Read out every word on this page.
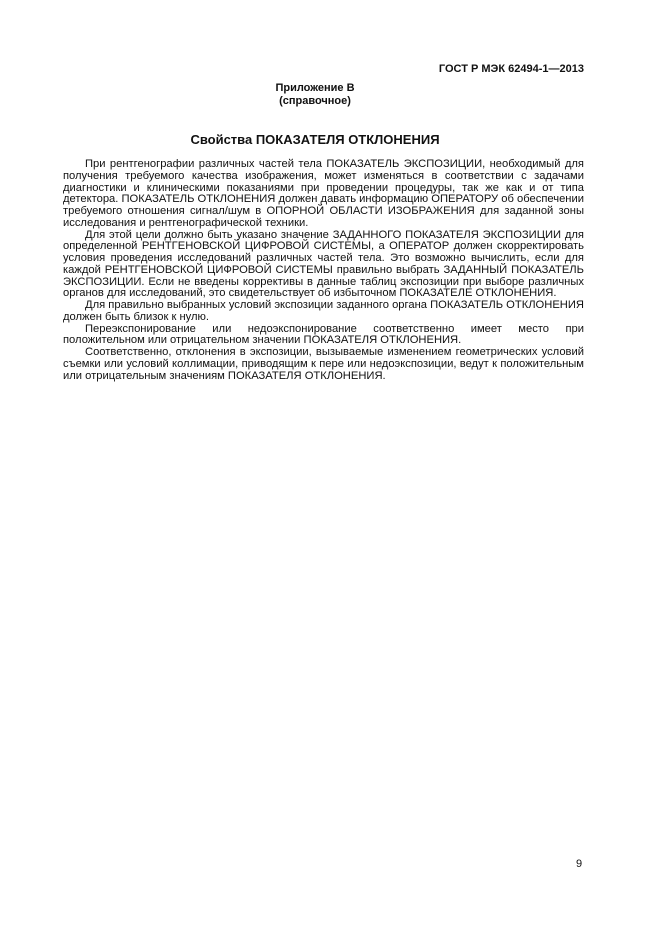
ГОСТ Р МЭК 62494-1—2013
Приложение В
(справочное)
Свойства ПОКАЗАТЕЛЯ ОТКЛОНЕНИЯ

При рентгенографии различных частей тела ПОКАЗАТЕЛЬ ЭКСПОЗИЦИИ, необходимый для получения требуемого качества изображения, может изменяться в соответствии с задачами диагностики и клиническими показаниями при проведении процедуры, так же как и от типа детектора. ПОКАЗАТЕЛЬ ОТКЛОНЕНИЯ должен давать информацию ОПЕРАТОРУ об обеспечении требуемого отношения сигнал/шум в ОПОРНОЙ ОБЛАСТИ ИЗОБРАЖЕНИЯ для заданной зоны исследования и рентгенографической техники.

Для этой цели должно быть указано значение ЗАДАННОГО ПОКАЗАТЕЛЯ ЭКСПОЗИЦИИ для определенной РЕНТГЕНОВСКОЙ ЦИФРОВОЙ СИСТЕМЫ, а ОПЕРАТОР должен скорректировать условия проведения исследований различных частей тела. Это возможно вычислить, если для каждой РЕНТГЕНОВСКОЙ ЦИФРОВОЙ СИСТЕМЫ правильно выбрать ЗАДАННЫЙ ПОКАЗАТЕЛЬ ЭКСПОЗИЦИИ. Если не введены коррективы в данные таблиц экспозиции при выборе различных органов для исследований, это свидетельствует об избыточном ПОКАЗАТЕЛЕ ОТКЛОНЕНИЯ.

Для правильно выбранных условий экспозиции заданного органа ПОКАЗАТЕЛЬ ОТКЛОНЕНИЯ должен быть близок к нулю.

Переэкспонирование или недоэкспонирование соответственно имеет место при положительном или отрицательном значении ПОКАЗАТЕЛЯ ОТКЛОНЕНИЯ.

Соответственно, отклонения в экспозиции, вызываемые изменением геометрических условий съемки или условий коллимации, приводящим к пере или недоэкспозиции, ведут к положительным или отрицательным значениям ПОКАЗАТЕЛЯ ОТКЛОНЕНИЯ.

9
